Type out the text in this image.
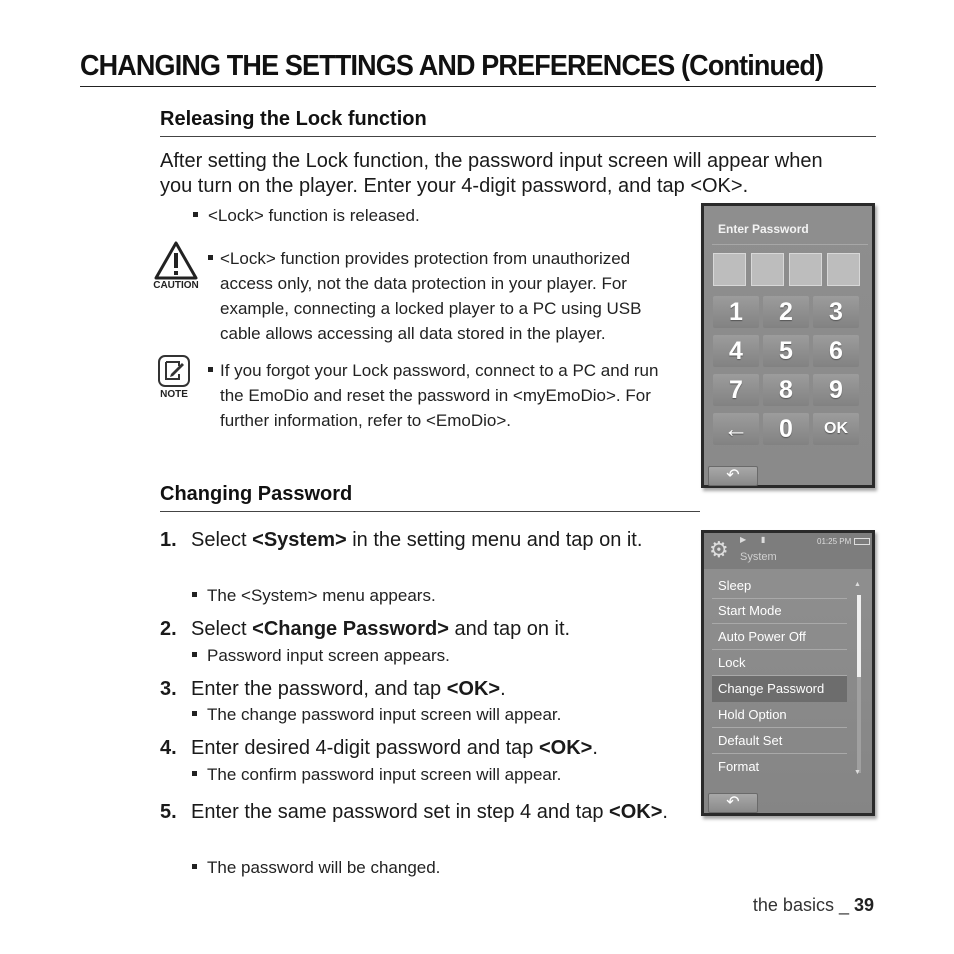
CHANGING THE SETTINGS AND PREFERENCES (Continued)
Releasing the Lock function
After setting the Lock function, the password input screen will appear when you turn on the player. Enter your 4-digit password, and tap <OK>.
<Lock> function is released.
CAUTION
<Lock> function provides protection from unauthorized access only, not the data protection in your player. For example, connecting a locked player to a PC using USB cable allows accessing all data stored in the player.
NOTE
If you forgot your Lock password, connect to a PC and run the EmoDio and reset the password in <myEmoDio>. For further information, refer to <EmoDio>.
Changing Password
1. Select <System> in the setting menu and tap on it.
The <System> menu appears.
2. Select <Change Password> and tap on it.
Password input screen appears.
3. Enter the password, and tap <OK>.
The change password input screen will appear.
4. Enter desired 4-digit password and tap <OK>.
The confirm password input screen will appear.
5. Enter the same password set in step 4 and tap <OK>.
The password will be changed.
Enter Password
1	2	3
4	5	6
7	8	9
←	0	OK
↶
⚙ ▶ ▮	01:25 PM
System
Sleep
Start Mode
Auto Power Off
Lock
Change Password
Hold Option
Default Set
Format
▲
▼
↶
the basics _ 39
